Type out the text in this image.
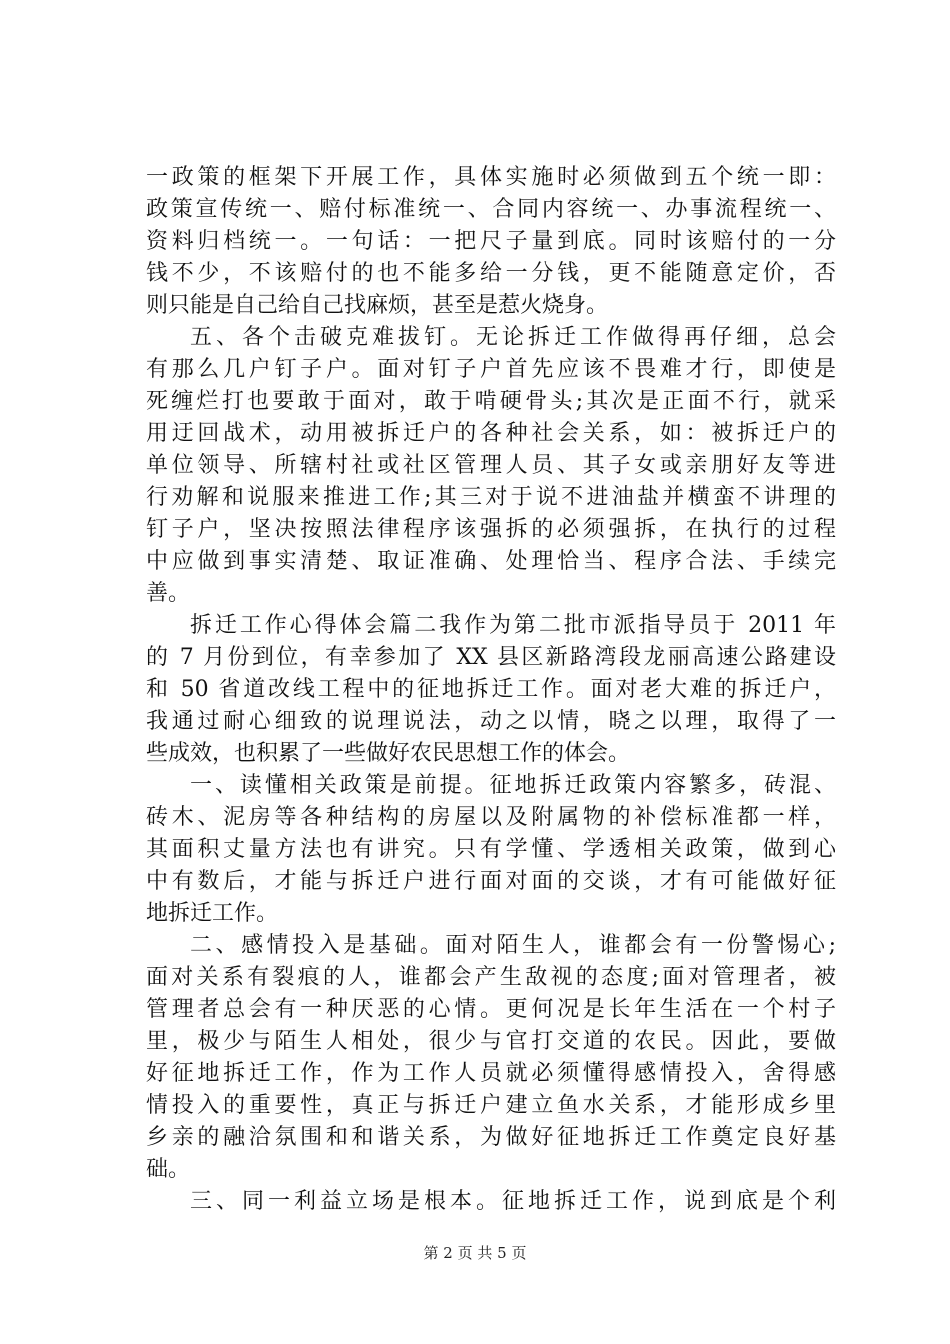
一政策的框架下开展工作，具体实施时必须做到五个统一即：
政策宣传统一、赔付标准统一、合同内容统一、办事流程统一、
资料归档统一。一句话：一把尺子量到底。同时该赔付的一分
钱不少，不该赔付的也不能多给一分钱，更不能随意定价，否
则只能是自己给自己找麻烦，甚至是惹火烧身。
五、各个击破克难拔钉。无论拆迁工作做得再仔细，总会
有那么几户钉子户。面对钉子户首先应该不畏难才行，即使是
死缠烂打也要敢于面对，敢于啃硬骨头;其次是正面不行，就采
用迂回战术，动用被拆迁户的各种社会关系，如：被拆迁户的
单位领导、所辖村社或社区管理人员、其子女或亲朋好友等进
行劝解和说服来推进工作;其三对于说不进油盐并横蛮不讲理的
钉子户，坚决按照法律程序该强拆的必须强拆，在执行的过程
中应做到事实清楚、取证准确、处理恰当、程序合法、手续完
善。
拆迁工作心得体会篇二我作为第二批市派指导员于 2011 年
的 7 月份到位，有幸参加了 XX 县区新路湾段龙丽高速公路建设
和 50 省道改线工程中的征地拆迁工作。面对老大难的拆迁户，
我通过耐心细致的说理说法，动之以情，晓之以理，取得了一
些成效，也积累了一些做好农民思想工作的体会。
一、读懂相关政策是前提。征地拆迁政策内容繁多，砖混、
砖木、泥房等各种结构的房屋以及附属物的补偿标准都一样，
其面积丈量方法也有讲究。只有学懂、学透相关政策，做到心
中有数后，才能与拆迁户进行面对面的交谈，才有可能做好征
地拆迁工作。
二、感情投入是基础。面对陌生人，谁都会有一份警惕心;
面对关系有裂痕的人，谁都会产生敌视的态度;面对管理者，被
管理者总会有一种厌恶的心情。更何况是长年生活在一个村子
里，极少与陌生人相处，很少与官打交道的农民。因此，要做
好征地拆迁工作，作为工作人员就必须懂得感情投入，舍得感
情投入的重要性，真正与拆迁户建立鱼水关系，才能形成乡里
乡亲的融洽氛围和和谐关系，为做好征地拆迁工作奠定良好基
础。
三、同一利益立场是根本。征地拆迁工作，说到底是个利
第 2 页 共 5 页
